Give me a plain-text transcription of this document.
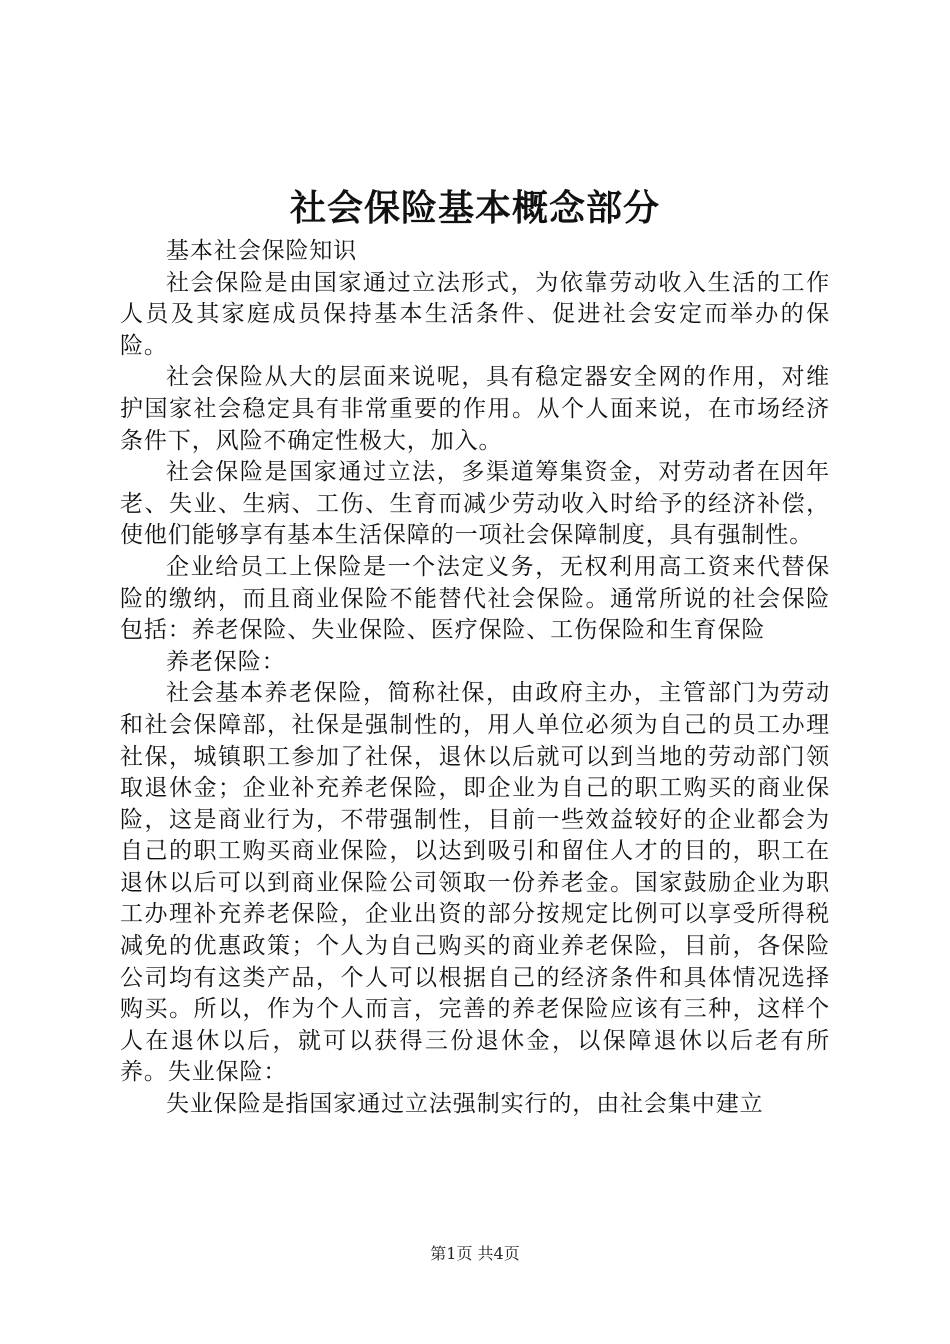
社会保险基本概念部分

基本社会保险知识

社会保险是由国家通过立法形式，为依靠劳动收入生活的工作人员及其家庭成员保持基本生活条件、促进社会安定而举办的保险。

社会保险从大的层面来说呢，具有稳定器安全网的作用，对维护国家社会稳定具有非常重要的作用。从个人面来说，在市场经济条件下，风险不确定性极大，加入。

社会保险是国家通过立法，多渠道筹集资金，对劳动者在因年老、失业、生病、工伤、生育而减少劳动收入时给予的经济补偿，使他们能够享有基本生活保障的一项社会保障制度，具有强制性。

企业给员工上保险是一个法定义务，无权利用高工资来代替保险的缴纳，而且商业保险不能替代社会保险。通常所说的社会保险包括：养老保险、失业保险、医疗保险、工伤保险和生育保险

养老保险：

社会基本养老保险，简称社保，由政府主办，主管部门为劳动和社会保障部，社保是强制性的，用人单位必须为自己的员工办理社保，城镇职工参加了社保，退休以后就可以到当地的劳动部门领取退休金；企业补充养老保险，即企业为自己的职工购买的商业保险，这是商业行为，不带强制性，目前一些效益较好的企业都会为自己的职工购买商业保险，以达到吸引和留住人才的目的，职工在退休以后可以到商业保险公司领取一份养老金。国家鼓励企业为职工办理补充养老保险，企业出资的部分按规定比例可以享受所得税减免的优惠政策；个人为自己购买的商业养老保险，目前，各保险公司均有这类产品，个人可以根据自己的经济条件和具体情况选择购买。所以，作为个人而言，完善的养老保险应该有三种，这样个人在退休以后，就可以获得三份退休金，以保障退休以后老有所养。失业保险：

失业保险是指国家通过立法强制实行的，由社会集中建立

第1页 共4页
